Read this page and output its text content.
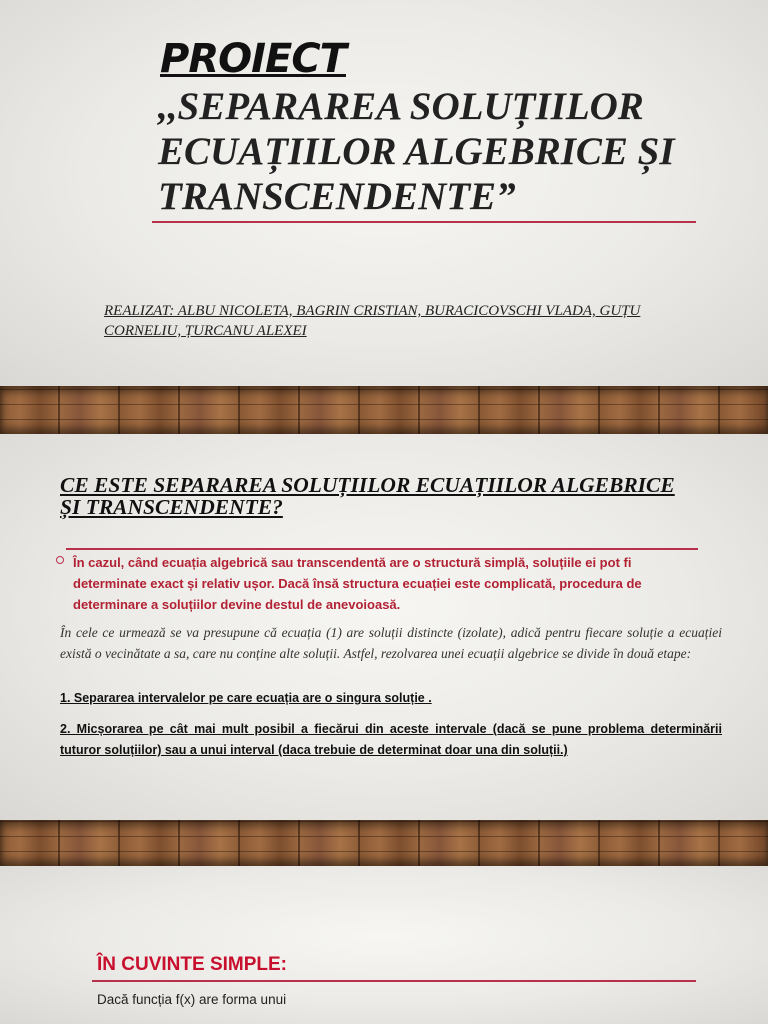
PROIECT
,,SEPARAREA SOLUȚIILOR ECUAȚIILOR ALGEBRICE ȘI TRANSCENDENTE”

REALIZAT: ALBU NICOLETA, BAGRIN CRISTIAN, BURACICOVSCHI VLADA, GUȚU CORNELIU, ȚURCANU ALEXEI

CE ESTE SEPARAREA SOLUȚIILOR ECUAȚIILOR ALGEBRICE ȘI TRANSCENDENTE?

În cazul, când ecuația algebrică sau transcendentă are o structură simplă, soluțiile ei pot fi determinate exact și relativ ușor. Dacă însă structura ecuației este complicată, procedura de determinare a soluțiilor devine destul de anevoioasă.

În cele ce urmează se va presupune că ecuația (1) are soluții distincte (izolate), adică pentru fiecare soluție a ecuației există o vecinătate a sa, care nu conține alte soluții. Astfel, rezolvarea unei ecuații algebrice se divide în două etape:

1. Separarea intervalelor pe care ecuația are o singura soluție .

2. Micșorarea pe cât mai mult posibil a fiecărui din aceste intervale (dacă se pune problema determinării tuturor soluțiilor) sau a unui interval (daca trebuie de determinat doar una din soluții.)

ÎN CUVINTE SIMPLE:

Dacă funcția f(x) are forma unui
